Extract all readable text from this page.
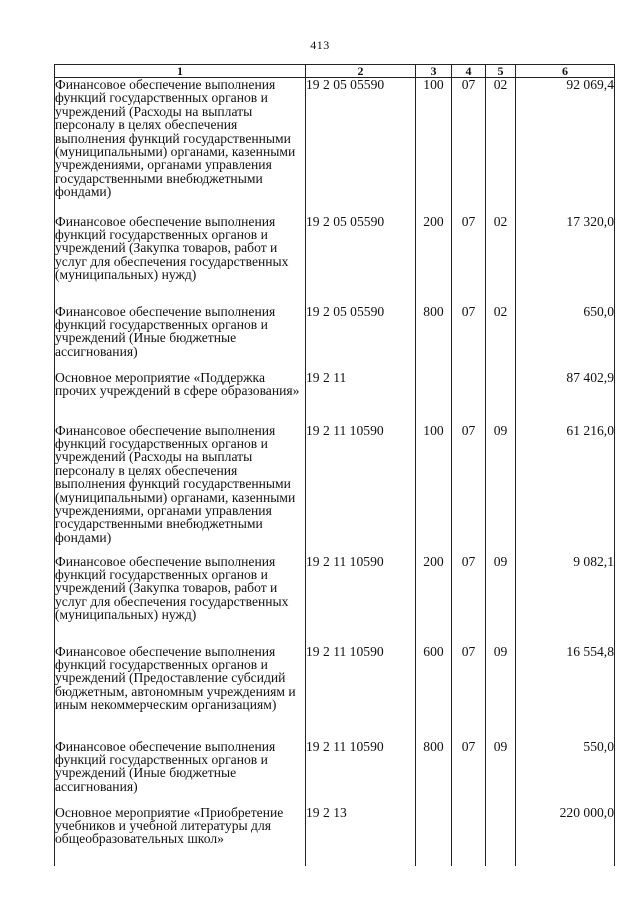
413
1	2	3	4	5	6
Финансовое обеспечение выполнения функций государственных органов и учреждений (Расходы на выплаты персоналу в целях обеспечения выполнения функций государственными (муниципальными) органами, казенными учреждениями, органами управления государственными внебюджетными фондами)	19 2 05 05590	100	07	02	92 069,4
Финансовое обеспечение выполнения функций государственных органов и учреждений (Закупка товаров, работ и услуг для обеспечения государственных (муниципальных) нужд)	19 2 05 05590	200	07	02	17 320,0
Финансовое обеспечение выполнения функций государственных органов и учреждений (Иные бюджетные ассигнования)	19 2 05 05590	800	07	02	650,0
Основное мероприятие «Поддержка прочих учреждений в сфере образования»	19 2 11				87 402,9
Финансовое обеспечение выполнения функций государственных органов и учреждений (Расходы на выплаты персоналу в целях обеспечения выполнения функций государственными (муниципальными) органами, казенными учреждениями, органами управления государственными внебюджетными фондами)	19 2 11 10590	100	07	09	61 216,0
Финансовое обеспечение выполнения функций государственных органов и учреждений (Закупка товаров, работ и услуг для обеспечения государственных (муниципальных) нужд)	19 2 11 10590	200	07	09	9 082,1
Финансовое обеспечение выполнения функций государственных органов и учреждений (Предоставление субсидий бюджетным, автономным учреждениям и иным некоммерческим организациям)	19 2 11 10590	600	07	09	16 554,8
Финансовое обеспечение выполнения функций государственных органов и учреждений (Иные бюджетные ассигнования)	19 2 11 10590	800	07	09	550,0
Основное мероприятие «Приобретение учебников и учебной литературы для общеобразовательных школ»	19 2 13				220 000,0
